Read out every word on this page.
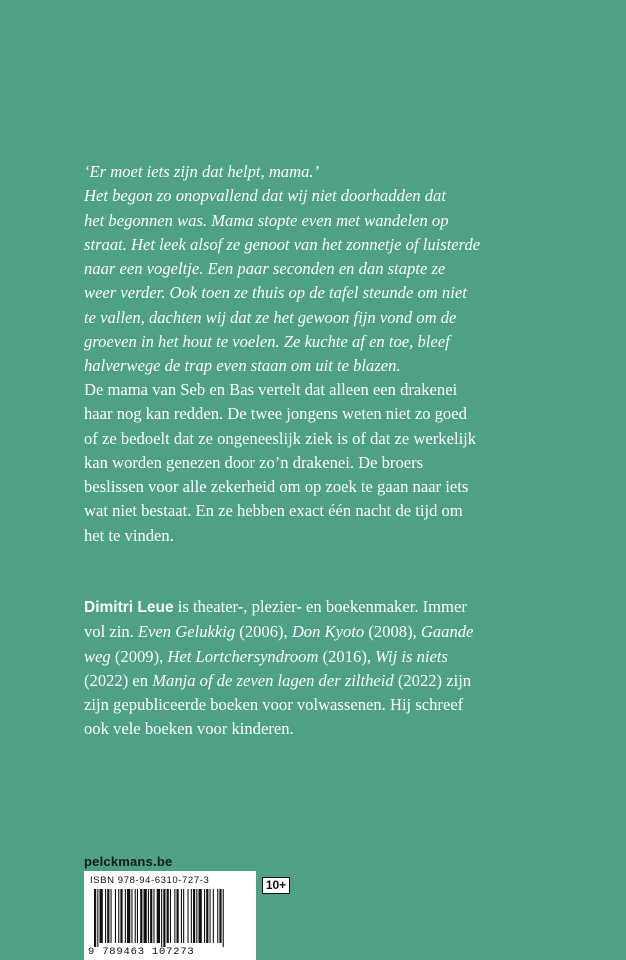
‘Er moet iets zijn dat helpt, mama.’
Het begon zo onopvallend dat wij niet doorhadden dat
het begonnen was. Mama stopte even met wandelen op
straat. Het leek alsof ze genoot van het zonnetje of luisterde
naar een vogeltje. Een paar seconden en dan stapte ze
weer verder. Ook toen ze thuis op de tafel steunde om niet
te vallen, dachten wij dat ze het gewoon fijn vond om de
groeven in het hout te voelen. Ze kuchte af en toe, bleef
halverwege de trap even staan om uit te blazen.
De mama van Seb en Bas vertelt dat alleen een drakenei
haar nog kan redden. De twee jongens weten niet zo goed
of ze bedoelt dat ze ongeneeslijk ziek is of dat ze werkelijk
kan worden genezen door zo’n drakenei. De broers
beslissen voor alle zekerheid om op zoek te gaan naar iets
wat niet bestaat. En ze hebben exact één nacht de tijd om
het te vinden.
Dimitri Leue is theater-, plezier- en boekenmaker. Immer
vol zin. Even Gelukkig (2006), Don Kyoto (2008), Gaande
weg (2009), Het Lortchersyndroom (2016), Wij is niets
(2022) en Manja of de zeven lagen der ziltheid (2022) zijn
zijn gepubliceerde boeken voor volwassenen. Hij schreef
ook vele boeken voor kinderen.
pelckmans.be
ISBN 978-94-6310-727-3
9 789463 107273
10+
